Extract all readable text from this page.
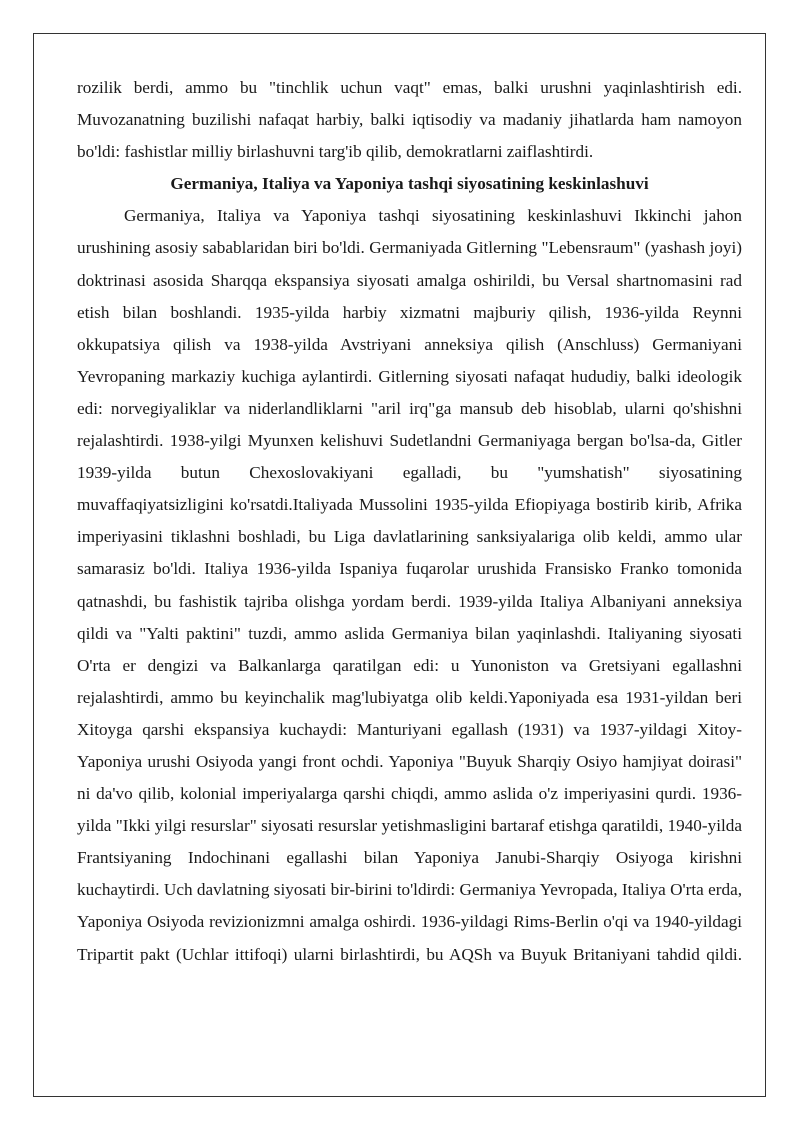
rozilik berdi, ammo bu "tinchlik uchun vaqt" emas, balki urushni yaqinlashtirish edi. Muvozanatning buzilishi nafaqat harbiy, balki iqtisodiy va madaniy jihatlarda ham namoyon bo'ldi: fashistlar milliy birlashuvni targ'ib qilib, demokratlarni zaiflashtirdi.

Germaniya, Italiya va Yaponiya tashqi siyosatining keskinlashuvi

Germaniya, Italiya va Yaponiya tashqi siyosatining keskinlashuvi Ikkinchi jahon urushining asosiy sabablaridan biri bo'ldi. Germaniyada Gitlerning "Lebensraum" (yashash joyi) doktrinasi asosida Sharqqa ekspansiya siyosati amalga oshirildi, bu Versal shartnomasini rad etish bilan boshlandi. 1935-yilda harbiy xizmatni majburiy qilish, 1936-yilda Reynni okkupatsiya qilish va 1938-yilda Avstriyani anneksiya qilish (Anschluss) Germaniyani Yevropaning markaziy kuchiga aylantirdi. Gitlerning siyosati nafaqat hududiy, balki ideologik edi: norvegiyaliklar va niderlandliklarni "aril irq"ga mansub deb hisoblab, ularni qo'shishni rejalashtirdi. 1938-yilgi Myunxen kelishuvi Sudetlandni Germaniyaga bergan bo'lsa-da, Gitler 1939-yilda butun Chexoslovakiyani egalladi, bu "yumshatish" siyosatining muvaffaqiyatsizligini ko'rsatdi.Italiyada Mussolini 1935-yilda Efiopiyaga bostirib kirib, Afrika imperiyasini tiklashni boshladi, bu Liga davlatlarining sanksiyalariga olib keldi, ammo ular samarasiz bo'ldi. Italiya 1936-yilda Ispaniya fuqarolar urushida Fransisko Franko tomonida qatnashdi, bu fashistik tajriba olishga yordam berdi. 1939-yilda Italiya Albaniyani anneksiya qildi va "Yalti paktini" tuzdi, ammo aslida Germaniya bilan yaqinlashdi. Italiyaning siyosati O'rta er dengizi va Balkanlarga qaratilgan edi: u Yunoniston va Gretsiyani egallashni rejalashtirdi, ammo bu keyinchalik mag'lubiyatga olib keldi.Yaponiyada esa 1931-yildan beri Xitoyga qarshi ekspansiya kuchaydi: Manturiyani egallash (1931) va 1937-yildagi Xitoy-Yaponiya urushi Osiyoda yangi front ochdi. Yaponiya "Buyuk Sharqiy Osiyo hamjiyat doirasi" ni da'vo qilib, kolonial imperiyalarga qarshi chiqdi, ammo aslida o'z imperiyasini qurdi. 1936-yilda "Ikki yilgi resurslar" siyosati resurslar yetishmasligini bartaraf etishga qaratildi, 1940-yilda Frantsiyaning Indochinani egallashi bilan Yaponiya Janubi-Sharqiy Osiyoga kirishni kuchaytirdi. Uch davlatning siyosati bir-birini to'ldirdi: Germaniya Yevropada, Italiya O'rta erda, Yaponiya Osiyoda revizionizmni amalga oshirdi. 1936-yildagi Rims-Berlin o'qi va 1940-yildagi Tripartit pakt (Uchlar ittifoqi) ularni birlashtirdi, bu AQSh va Buyuk Britaniyani tahdid qildi.
